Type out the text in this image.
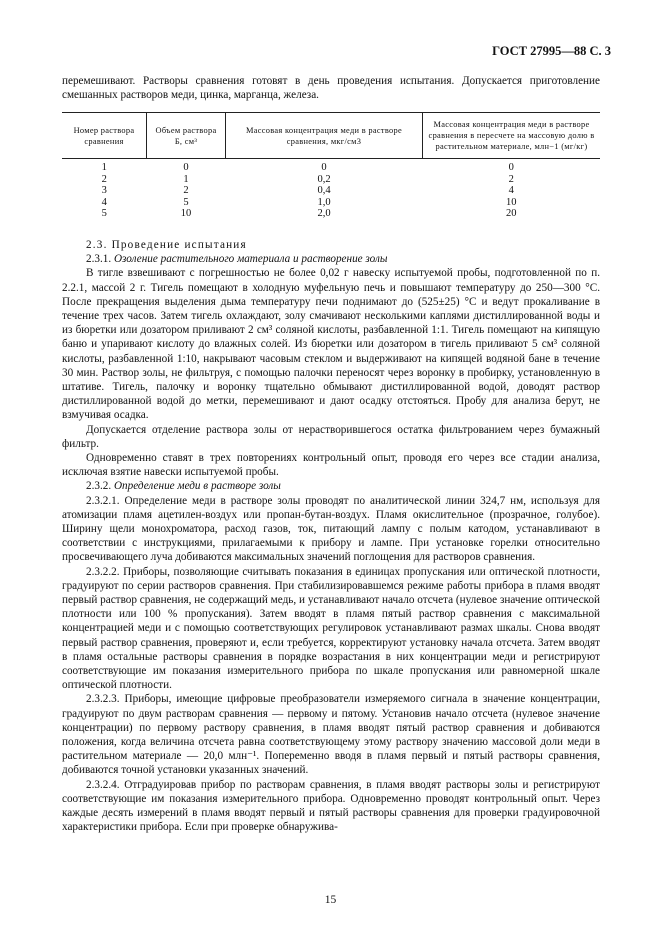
ГОСТ 27995—88 С. 3

перемешивают. Растворы сравнения готовят в день проведения испытания. Допускается приготовление смешанных растворов меди, цинка, марганца, железа.

Номер раствора сравнения	Объем раствора Б, см³	Массовая концентрация меди в растворе сравнения, мкг/см3	Массовая концентрация меди в растворе сравнения в пересчете на массовую долю в растительном материале, млн−1 (мг/кг)
1	0	0	0
2	1	0,2	2
3	2	0,4	4
4	5	1,0	10
5	10	2,0	20

2.3. Проведение испытания

2.3.1. Озоление растительного материала и растворение золы

В тигле взвешивают с погрешностью не более 0,02 г навеску испытуемой пробы, подготовленной по п. 2.2.1, массой 2 г. Тигель помещают в холодную муфельную печь и повышают температуру до 250—300 °C. После прекращения выделения дыма температуру печи поднимают до (525±25) °C и ведут прокаливание в течение трех часов. Затем тигель охлаждают, золу смачивают несколькими каплями дистиллированной воды и из бюретки или дозатором приливают 2 см³ соляной кислоты, разбавленной 1:1. Тигель помещают на кипящую баню и упаривают кислоту до влажных солей. Из бюретки или дозатором в тигель приливают 5 см³ соляной кислоты, разбавленной 1:10, накрывают часовым стеклом и выдерживают на кипящей водяной бане в течение 30 мин. Раствор золы, не фильтруя, с помощью палочки переносят через воронку в пробирку, установленную в штативе. Тигель, палочку и воронку тщательно обмывают дистиллированной водой, доводят раствор дистиллированной водой до метки, перемешивают и дают осадку отстояться. Пробу для анализа берут, не взмучивая осадка.

Допускается отделение раствора золы от нерастворившегося остатка фильтрованием через бумажный фильтр.

Одновременно ставят в трех повторениях контрольный опыт, проводя его через все стадии анализа, исключая взятие навески испытуемой пробы.

2.3.2. Определение меди в растворе золы

2.3.2.1. Определение меди в растворе золы проводят по аналитической линии 324,7 нм, используя для атомизации пламя ацетилен-воздух или пропан-бутан-воздух. Пламя окислительное (прозрачное, голубое). Ширину щели монохроматора, расход газов, ток, питающий лампу с полым катодом, устанавливают в соответствии с инструкциями, прилагаемыми к прибору и лампе. При установке горелки относительно просвечивающего луча добиваются максимальных значений поглощения для растворов сравнения.

2.3.2.2. Приборы, позволяющие считывать показания в единицах пропускания или оптической плотности, градуируют по серии растворов сравнения. При стабилизировавшемся режиме работы прибора в пламя вводят первый раствор сравнения, не содержащий медь, и устанавливают начало отсчета (нулевое значение оптической плотности или 100 % пропускания). Затем вводят в пламя пятый раствор сравнения с максимальной концентрацией меди и с помощью соответствующих регулировок устанавливают размах шкалы. Снова вводят первый раствор сравнения, проверяют и, если требуется, корректируют установку начала отсчета. Затем вводят в пламя остальные растворы сравнения в порядке возрастания в них концентрации меди и регистрируют соответствующие им показания измерительного прибора по шкале пропускания или равномерной шкале оптической плотности.

2.3.2.3. Приборы, имеющие цифровые преобразователи измеряемого сигнала в значение концентрации, градуируют по двум растворам сравнения — первому и пятому. Установив начало отсчета (нулевое значение концентрации) по первому раствору сравнения, в пламя вводят пятый раствор сравнения и добиваются положения, когда величина отсчета равна соответствующему этому раствору значению массовой доли меди в растительном материале — 20,0 млн⁻¹. Попеременно вводя в пламя первый и пятый растворы сравнения, добиваются точной установки указанных значений.

2.3.2.4. Отградуировав прибор по растворам сравнения, в пламя вводят растворы золы и регистрируют соответствующие им показания измерительного прибора. Одновременно проводят контрольный опыт. Через каждые десять измерений в пламя вводят первый и пятый растворы сравнения для проверки градуировочной характеристики прибора. Если при проверке обнаружива-

15
